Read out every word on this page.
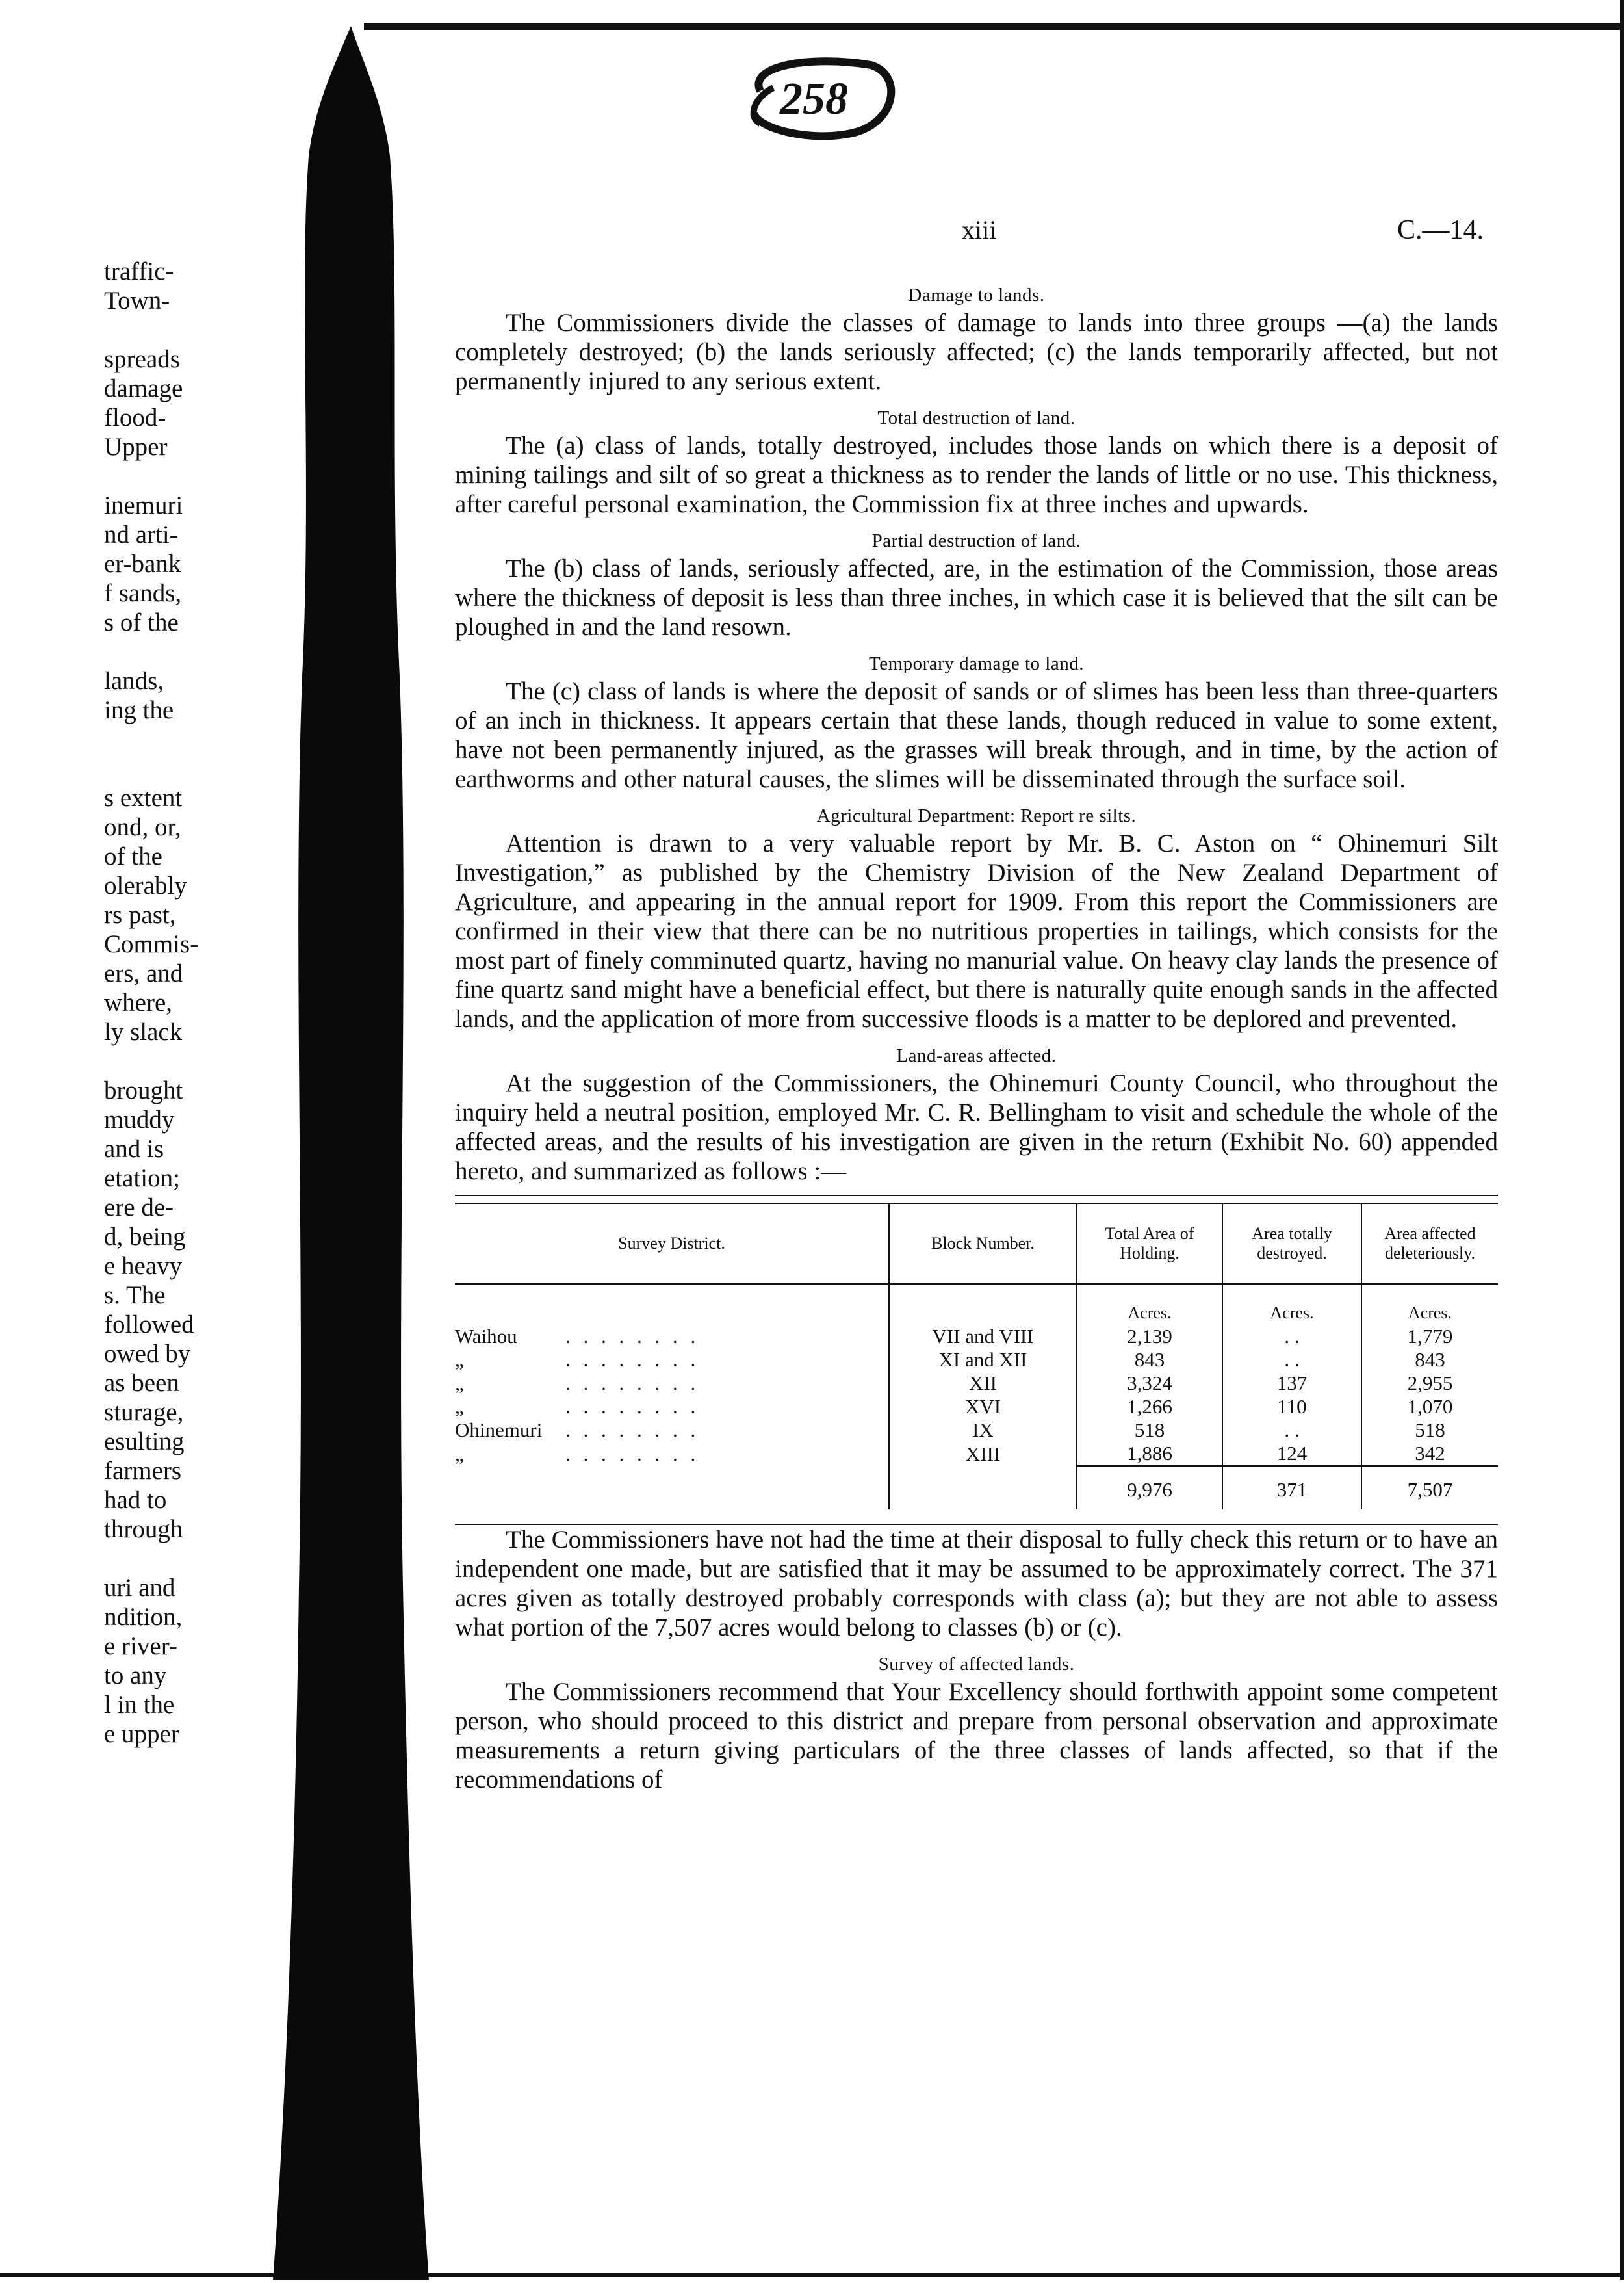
258
xiii	C.—14.
traffic-
Town-
spreads
damage
flood-
Upper
inemuri
nd arti-
er-bank
f sands,
s of the
lands,
ing the
s extent
ond, or,
of the
olerably
rs past,
Commis-
ers, and
where,
ly slack
brought
muddy
and is
etation;
ere de-
d, being
e heavy
s. The
followed
owed by
as been
sturage,
esulting
farmers
had to
through
uri and
ndition,
e river-
to any
l in the
e upper
Damage to lands.

The Commissioners divide the classes of damage to lands into three groups —(a) the lands completely destroyed; (b) the lands seriously affected; (c) the lands temporarily affected, but not permanently injured to any serious extent.

Total destruction of land.

The (a) class of lands, totally destroyed, includes those lands on which there is a deposit of mining tailings and silt of so great a thickness as to render the lands of little or no use. This thickness, after careful personal examination, the Commission fix at three inches and upwards.

Partial destruction of land.

The (b) class of lands, seriously affected, are, in the estimation of the Commission, those areas where the thickness of deposit is less than three inches, in which case it is believed that the silt can be ploughed in and the land resown.

Temporary damage to land.

The (c) class of lands is where the deposit of sands or of slimes has been less than three-quarters of an inch in thickness. It appears certain that these lands, though reduced in value to some extent, have not been permanently injured, as the grasses will break through, and in time, by the action of earthworms and other natural causes, the slimes will be disseminated through the surface soil.

Agricultural Department: Report re silts.

Attention is drawn to a very valuable report by Mr. B. C. Aston on “ Ohinemuri Silt Investigation,” as published by the Chemistry Division of the New Zealand Department of Agriculture, and appearing in the annual report for 1909. From this report the Commissioners are confirmed in their view that there can be no nutritious properties in tailings, which consists for the most part of finely comminuted quartz, having no manurial value. On heavy clay lands the presence of fine quartz sand might have a beneficial effect, but there is naturally quite enough sands in the affected lands, and the application of more from successive floods is a matter to be deplored and prevented.

Land-areas affected.

At the suggestion of the Commissioners, the Ohinemuri County Council, who throughout the inquiry held a neutral position, employed Mr. C. R. Bellingham to visit and schedule the whole of the affected areas, and the results of his investigation are given in the return (Exhibit No. 60) appended hereto, and summarized as follows :—

Survey District.	Block Number.	Total Area of Holding.	Area totally destroyed.	Area affected deleteriously.
		Acres.	Acres.	Acres.
Waihou . . . . . . . .	VII and VIII	2,139	. .	1,779
„ . . . . . . . .	XI and XII	843	. .	843
„ . . . . . . . .	XII	3,324	137	2,955
„ . . . . . . . .	XVI	1,266	110	1,070
Ohinemuri . . . . . . . .	IX	518	. .	518
„ . . . . . . . .	XIII	1,886	124	342
		9,976	371	7,507

The Commissioners have not had the time at their disposal to fully check this return or to have an independent one made, but are satisfied that it may be assumed to be approximately correct. The 371 acres given as totally destroyed probably corresponds with class (a); but they are not able to assess what portion of the 7,507 acres would belong to classes (b) or (c).

Survey of affected lands.

The Commissioners recommend that Your Excellency should forthwith appoint some competent person, who should proceed to this district and prepare from personal observation and approximate measurements a return giving particulars of the three classes of lands affected, so that if the recommendations of
